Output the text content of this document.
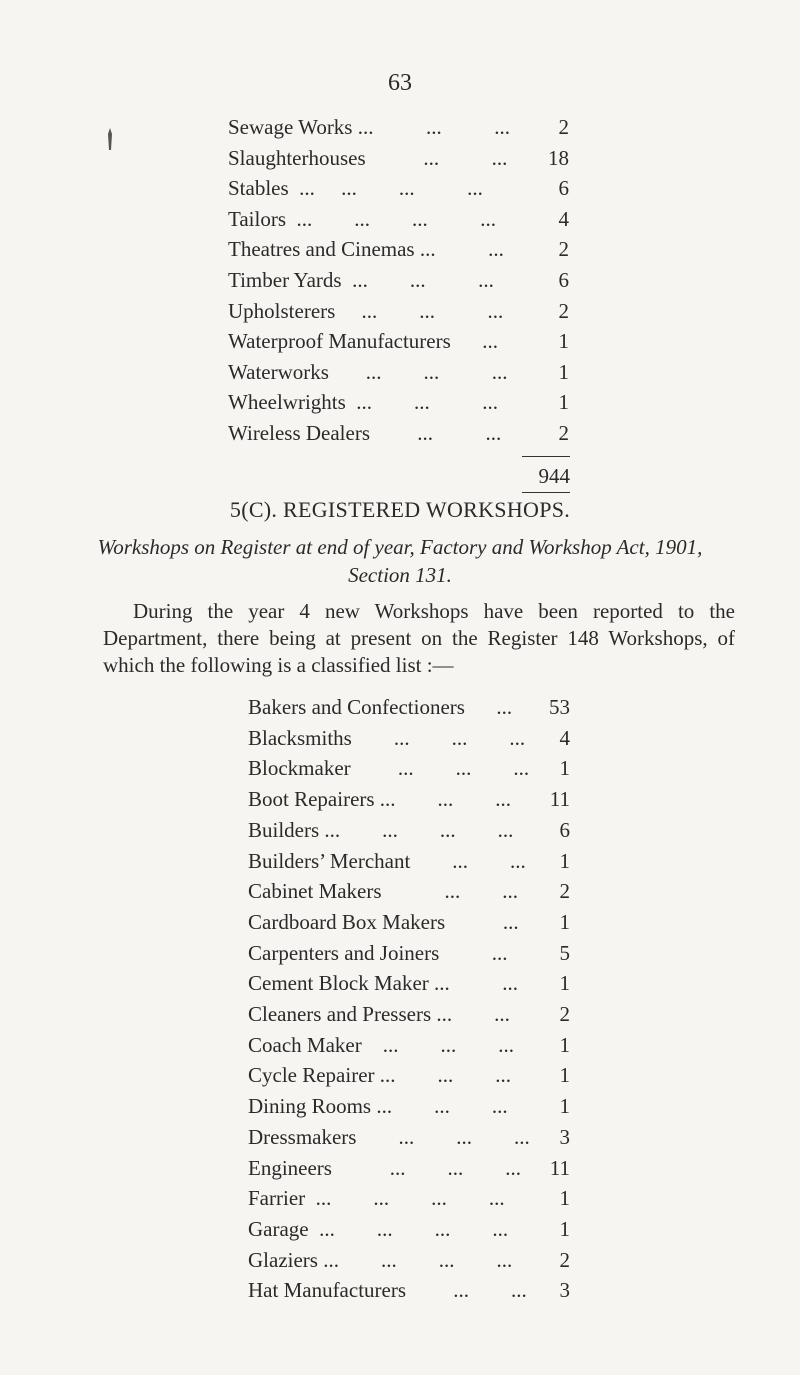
63
Sewage Works ...          ...          ... 2
Slaughterhouses           ...          ... 18
Stables  ...     ...        ...          ...	6
Tailors  ...        ...        ...          ...	4
Theatres and Cinemas ...          ...	2
Timber Yards  ...        ...          ...	6
Upholsterers     ...        ...          ...	2
Waterproof Manufacturers      ...	1
Waterworks       ...        ...          ... 1
Wheelwrights  ...        ...          ...	1
Wireless Dealers         ...          ...	2
944
5(C). REGISTERED WORKSHOPS.
Workshops on Register at end of year, Factory and Workshop Act, 1901,
Section 131.
During the year 4 new Workshops have been reported to the Department, there being at present on the Register 148 Workshops, of which the following is a classified list :—
Bakers and Confectioners      ... 53
Blacksmiths        ...        ...        ... 4
Blockmaker         ...        ...        ... 1
Boot Repairers ...        ...        ... 11
Builders ...        ...        ...        ... 6
Builders’ Merchant        ...        ... 1
Cabinet Makers            ...        ... 2
Cardboard Box Makers           ... 1
Carpenters and Joiners          ... 5
Cement Block Maker ...          ... 1
Cleaners and Pressers ...        ... 2
Coach Maker    ...        ...        ... 1
Cycle Repairer ...        ...        ... 1
Dining Rooms ...        ...        ... 1
Dressmakers        ...        ...        ... 3
Engineers           ...        ...        ... 11
Farrier  ...        ...        ...        ...	1
Garage  ...        ...        ...        ... 1
Glaziers ...        ...        ...        ... 2
Hat Manufacturers         ...        ... 3
